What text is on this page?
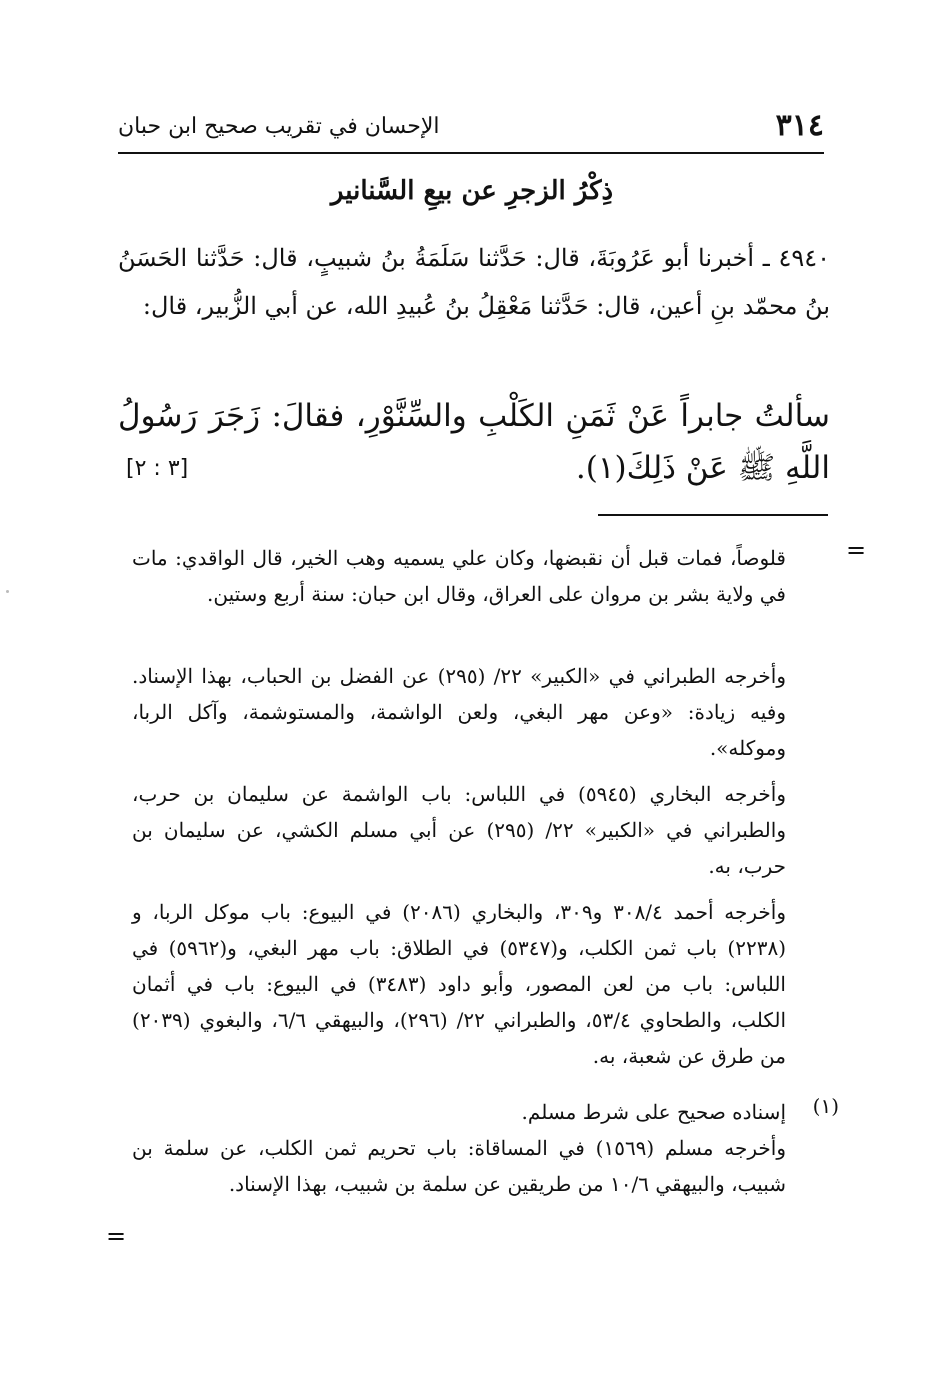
٣١٤
الإحسان في تقريب صحيح ابن حبان

ذِكْرُ الزجرِ عن بيعِ السَّنانير

٤٩٤٠ ـ أخبرنا أبو عَرُوبَةَ، قال: حَدَّثنا سَلَمَةُ بنُ شبيبٍ، قال: حَدَّثنا الحَسَنُ بنُ محمّد بنِ أعين، قال: حَدَّثنا مَعْقِلُ بنُ عُبيدِ الله، عن أبي الزُّبير، قال:

سألتُ جابراً عَنْ ثَمَنِ الكَلْبِ والسِّنَّوْرِ، فقالَ: زَجَرَ رَسُولُ اللَّهِ ﷺ عَنْ ذَلِكَ(١).

[٣ : ٢]
=

قلوصاً، فمات قبل أن نقبضها، وكان علي يسميه وهب الخير، قال الواقدي: مات في ولاية بشر بن مروان على العراق، وقال ابن حبان: سنة أربع وستين.

وأخرجه الطبراني في «الكبير» ٢٢/ (٢٩٥) عن الفضل بن الحباب، بهذا الإسناد. وفيه زيادة: «وعن مهر البغي، ولعن الواشمة، والمستوشمة، وآكل الربا، وموكله».

وأخرجه البخاري (٥٩٤٥) في اللباس: باب الواشمة عن سليمان بن حرب، والطبراني في «الكبير» ٢٢/ (٢٩٥) عن أبي مسلم الكشي، عن سليمان بن حرب، به.

وأخرجه أحمد ٣٠٨/٤ و٣٠٩، والبخاري (٢٠٨٦) في البيوع: باب موكل الربا، و (٢٢٣٨) باب ثمن الكلب، و(٥٣٤٧) في الطلاق: باب مهر البغي، و(٥٩٦٢) في اللباس: باب من لعن المصور، وأبو داود (٣٤٨٣) في البيوع: باب في أثمان الكلب، والطحاوي ٥٣/٤، والطبراني ٢٢/ (٢٩٦)، والبيهقي ٦/٦، والبغوي (٢٠٣٩) من طرق عن شعبة، به.

(١)

إسناده صحيح على شرط مسلم.

وأخرجه مسلم (١٥٦٩) في المساقاة: باب تحريم ثمن الكلب، عن سلمة بن شبيب، والبيهقي ١٠/٦ من طريقين عن سلمة بن شبيب، بهذا الإسناد.

=
